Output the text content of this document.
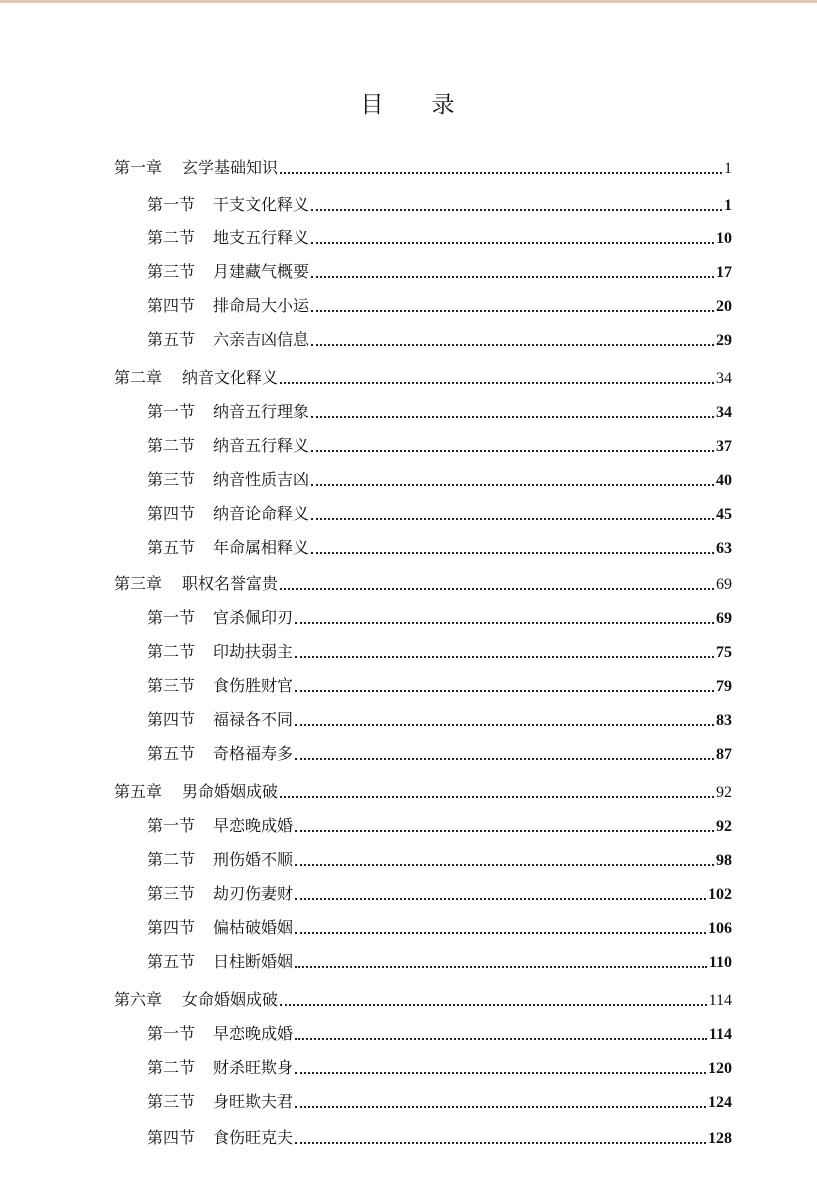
目 录
第一章 玄学基础知识	1
第一节 干支文化释义	1
第二节 地支五行释义	10
第三节 月建藏气概要	17
第四节 排命局大小运	20
第五节 六亲吉凶信息	29
第二章 纳音文化释义	34
第一节 纳音五行理象	34
第二节 纳音五行释义	37
第三节 纳音性质吉凶	40
第四节 纳音论命释义	45
第五节 年命属相释义	63
第三章 职权名誉富贵	69
第一节 官杀佩印刃	69
第二节 印劫扶弱主	75
第三节 食伤胜财官	79
第四节 福禄各不同	83
第五节 奇格福寿多	87
第五章 男命婚姻成破	92
第一节 早恋晚成婚	92
第二节 刑伤婚不顺	98
第三节 劫刃伤妻财	102
第四节 偏枯破婚姻	106
第五节 日柱断婚姻	110
第六章 女命婚姻成破	114
第一节 早恋晚成婚	114
第二节 财杀旺欺身	120
第三节 身旺欺夫君	124
第四节 食伤旺克夫	128
